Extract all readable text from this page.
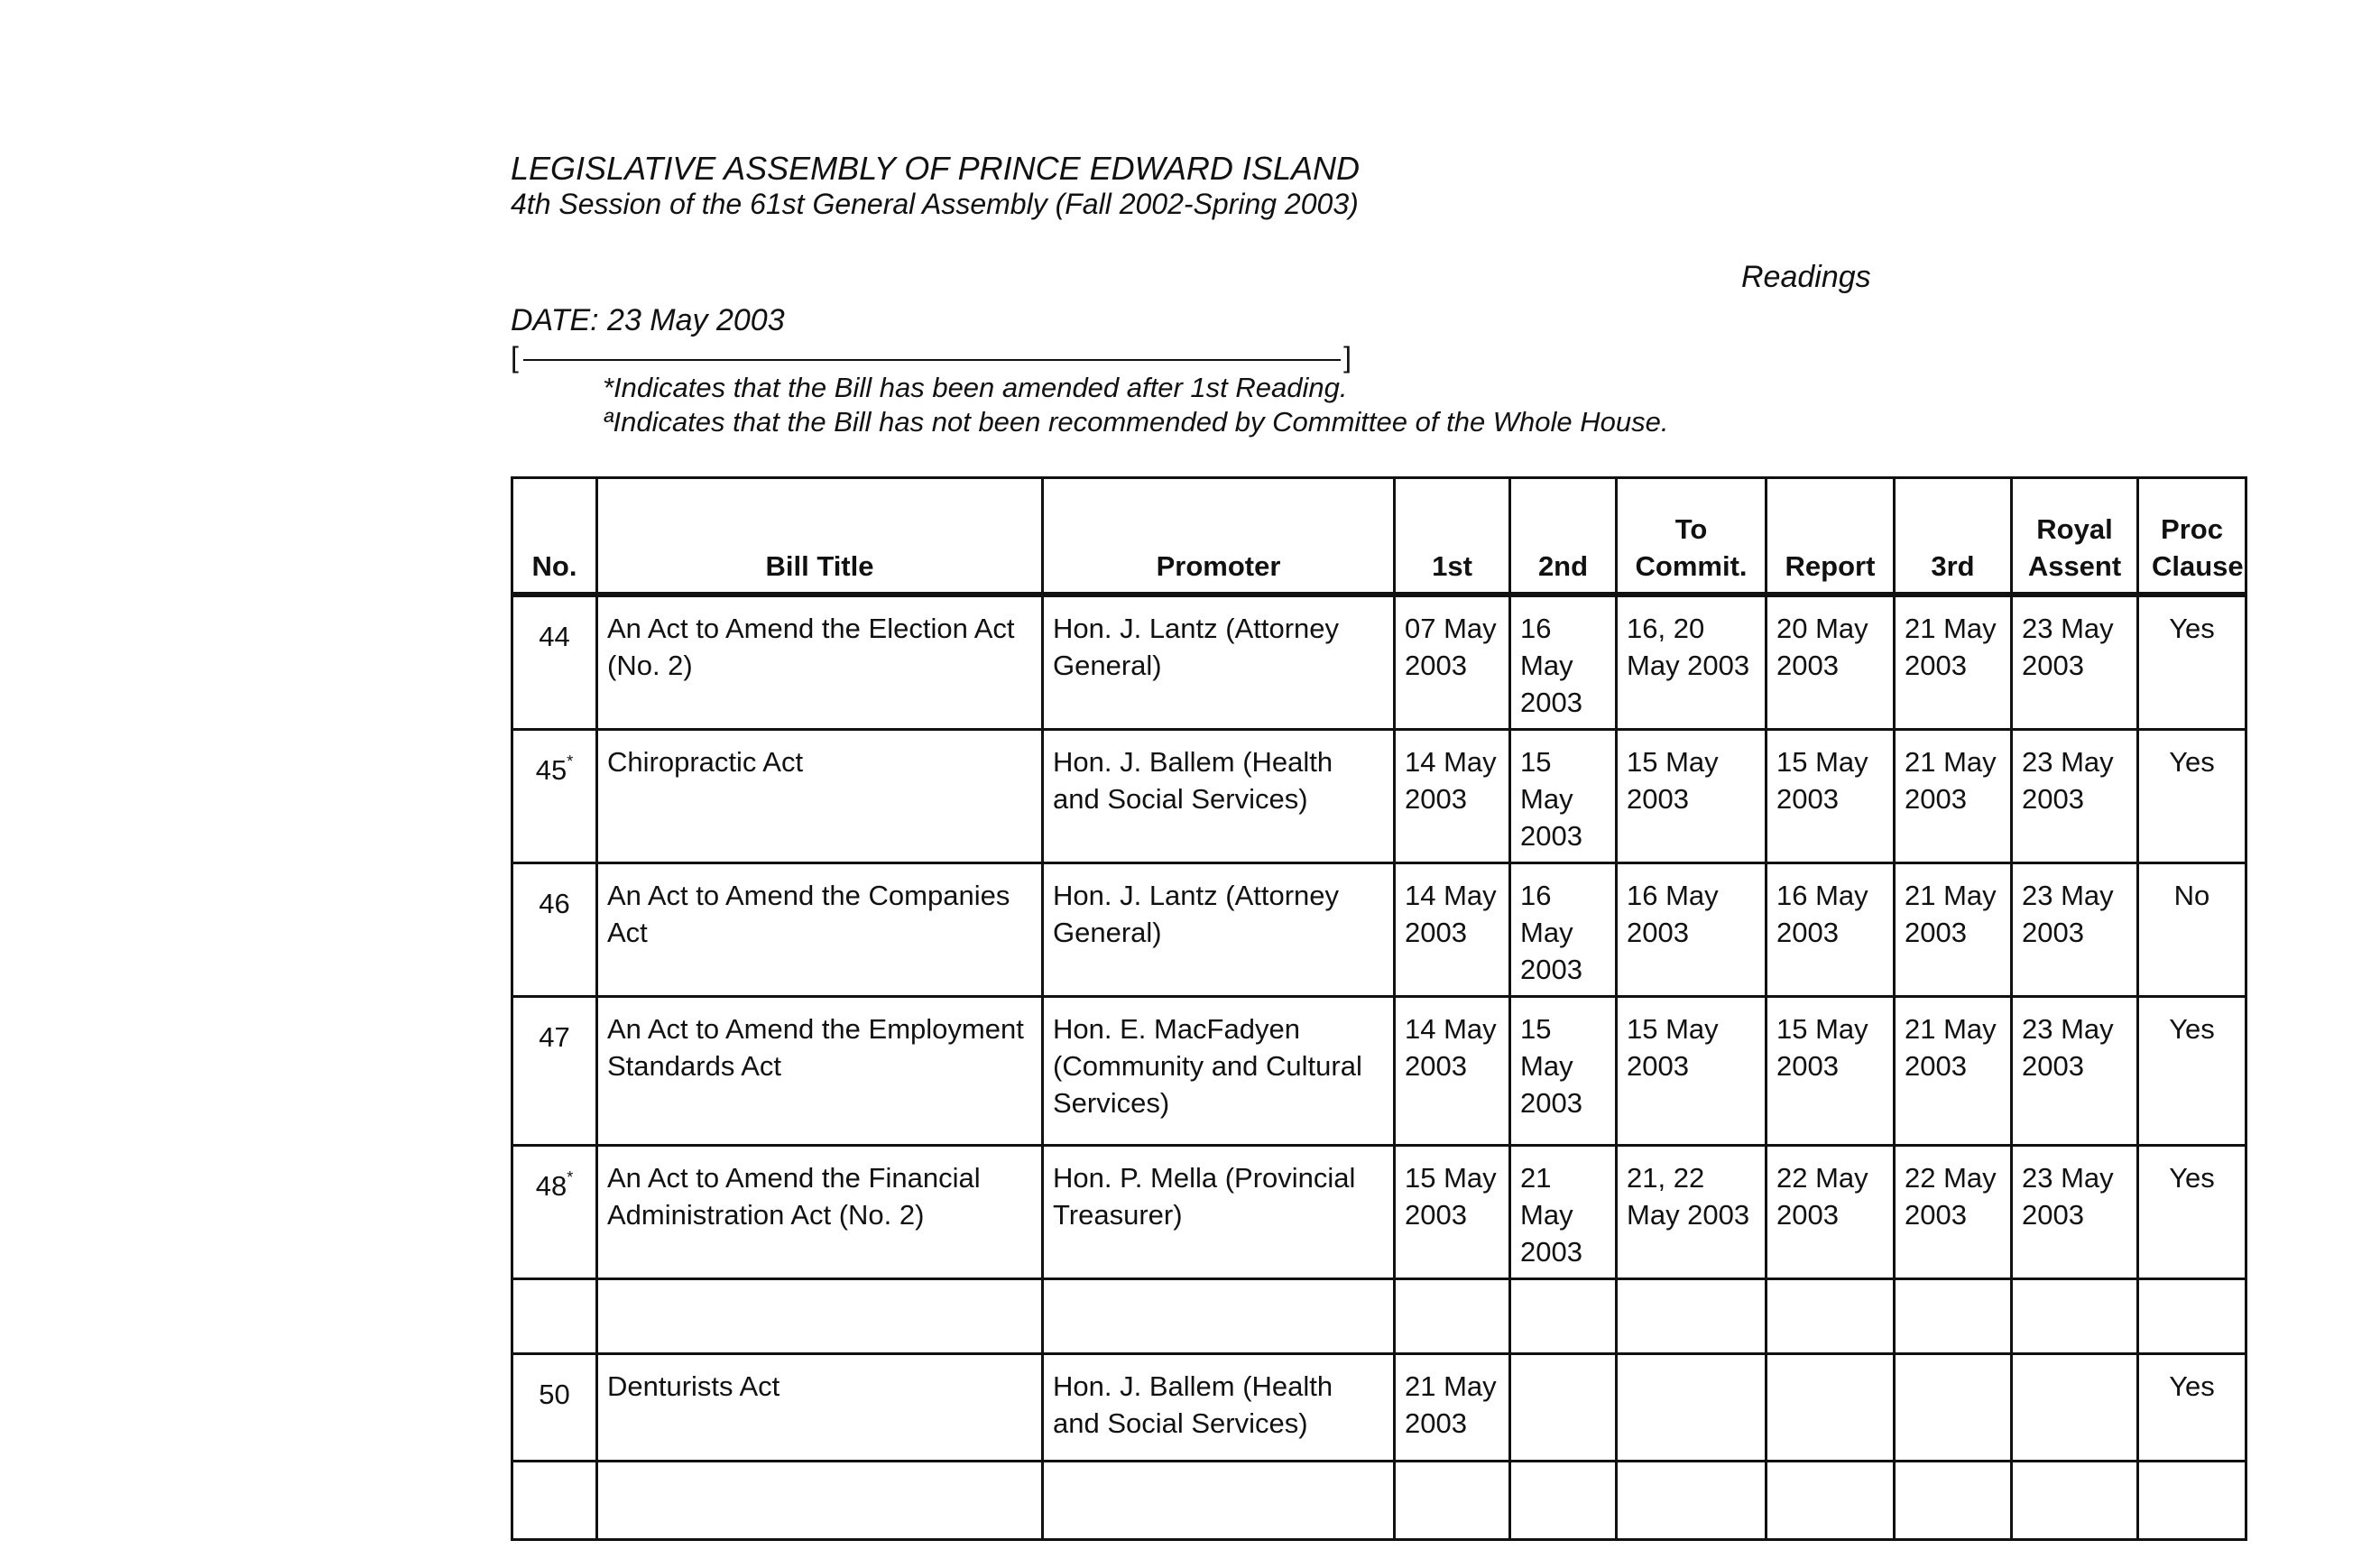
LEGISLATIVE ASSEMBLY OF PRINCE EDWARD ISLAND
4th Session of the 61st General Assembly (Fall 2002-Spring 2003)
Readings
DATE: 23 May 2003
[	]
*Indicates that the Bill has been amended after 1st Reading.
ªIndicates that the Bill has not been recommended by Committee of the Whole House.
No.	Bill Title	Promoter	1st	2nd	To Commit.	Report	3rd	Royal Assent	Proc Clause
44	An Act to Amend the Election Act (No. 2)	Hon. J. Lantz (Attorney General)	07 May 2003	16 May 2003	16, 20 May 2003	20 May 2003	21 May 2003	23 May 2003	Yes
45*	Chiropractic Act	Hon. J. Ballem (Health and Social Services)	14 May 2003	15 May 2003	15 May 2003	15 May 2003	21 May 2003	23 May 2003	Yes
46	An Act to Amend the Companies Act	Hon. J. Lantz (Attorney General)	14 May 2003	16 May 2003	16 May 2003	16 May 2003	21 May 2003	23 May 2003	No
47	An Act to Amend the Employment Standards Act	Hon. E. MacFadyen (Community and Cultural Services)	14 May 2003	15 May 2003	15 May 2003	15 May 2003	21 May 2003	23 May 2003	Yes
48*	An Act to Amend the Financial Administration Act (No. 2)	Hon. P. Mella (Provincial Treasurer)	15 May 2003	21 May 2003	21, 22 May 2003	22 May 2003	22 May 2003	23 May 2003	Yes

50	Denturists Act	Hon. J. Ballem (Health and Social Services)	21 May 2003						Yes
